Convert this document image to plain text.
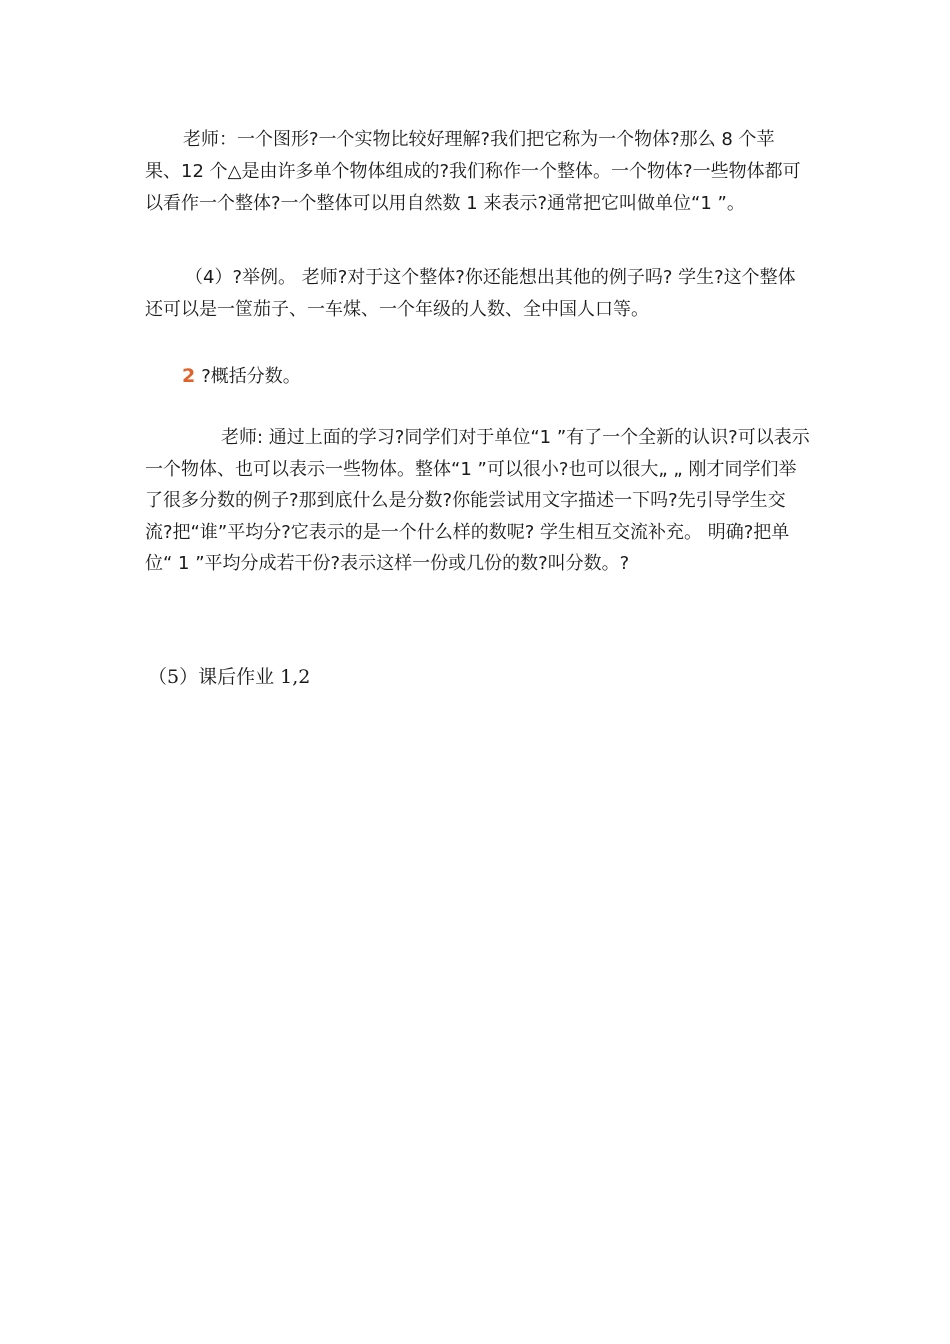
老师：一个图形?一个实物比较好理解?我们把它称为一个物体?那么 8 个苹果、12 个△是由许多单个物体组成的?我们称作一个整体。一个物体?一些物体都可以看作一个整体?一个整体可以用自然数 1 来表示?通常把它叫做单位“1 ”。

（4）?举例。 老师?对于这个整体?你还能想出其他的例子吗? 学生?这个整体还可以是一筐茄子、一车煤、一个年级的人数、全中国人口等。

2 ?概括分数。

老师: 通过上面的学习?同学们对于单位“1 ”有了一个全新的认识?可以表示一个物体、也可以表示一些物体。整体“1 ”可以很小?也可以很大„ „ 刚才同学们举了很多分数的例子?那到底什么是分数?你能尝试用文字描述一下吗?先引导学生交流?把“谁”平均分?它表示的是一个什么样的数呢? 学生相互交流补充。 明确?把单位“ 1 ”平均分成若干份?表示这样一份或几份的数?叫分数。?

（5）课后作业 1,2
